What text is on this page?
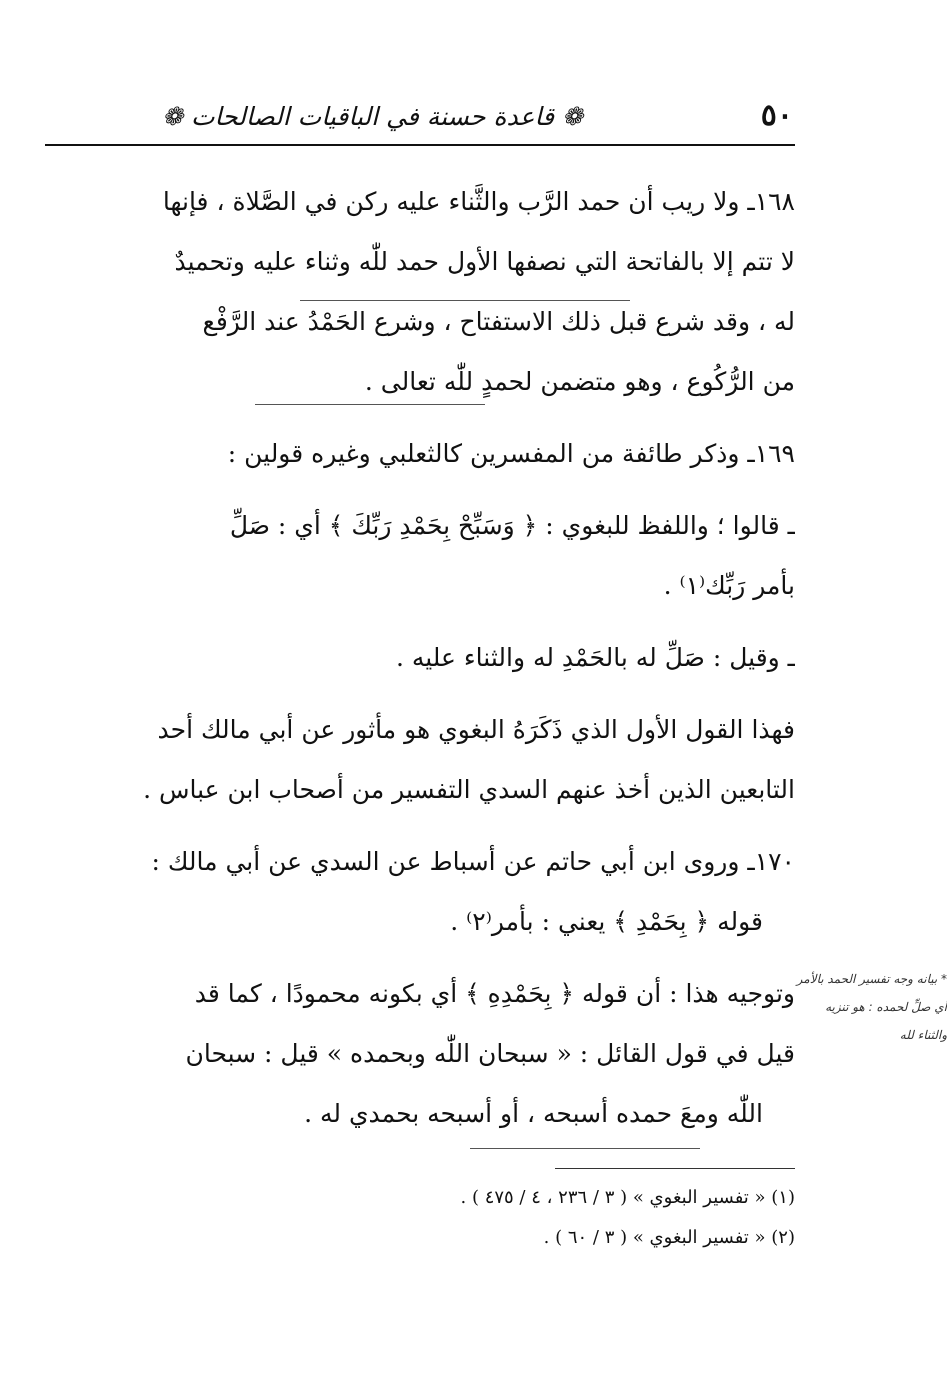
٥٠
❁ قاعدة حسنة في الباقيات الصالحات ❁
١٦٨ـ ولا ريب أن حمد الرَّب والثَّناء عليه ركن في الصَّلاة ، فإنها
لا تتم إلا بالفاتحة التي نصفها الأول حمد للّٰه وثناء عليه وتحميدٌ
له ، وقد شرع قبل ذلك الاستفتاح ، وشرع الحَمْدُ عند الرَّفْع
من الرُّكُوع ، وهو متضمن لحمدٍ للّٰه تعالى .
١٦٩ـ وذكر طائفة من المفسرين كالثعلبي وغيره قولين :
ـ قالوا ؛ واللفظ للبغوي : ﴿ وَسَبِّحْ بِحَمْدِ رَبِّكَ ﴾ أي : صَلِّ
بأمر رَبِّك⁽١⁾ .
ـ وقيل : صَلِّ له بالحَمْدِ له والثناء عليه .
فهذا القول الأول الذي ذَكَرَهُ البغوي هو مأثور عن أبي مالك أحد
التابعين الذين أخذ عنهم السدي التفسير من أصحاب ابن عباس .
١٧٠ـ وروى ابن أبي حاتم عن أسباط عن السدي عن أبي مالك :
قوله ﴿ بِحَمْدِ ﴾ يعني : بأمر⁽٢⁾ .
وتوجيه هذا : أن قوله ﴿ بِحَمْدِهِ ﴾ أي بكونه محمودًا ، كما قد
قيل في قول القائل : « سبحان اللّٰه وبحمده » قيل : سبحان
اللّٰه ومعَ حمده أسبحه ، أو أسبحه بحمدي له .
* بيانه وجه تفسير الحمد بالأمر
أي صلِّ لحمده : هو تنزيه
والثناء لله
(١) « تفسير البغوي » ( ٣ / ٢٣٦ ، ٤ / ٤٧٥ ) .
(٢) « تفسير البغوي » ( ٣ / ٦٠ ) .
